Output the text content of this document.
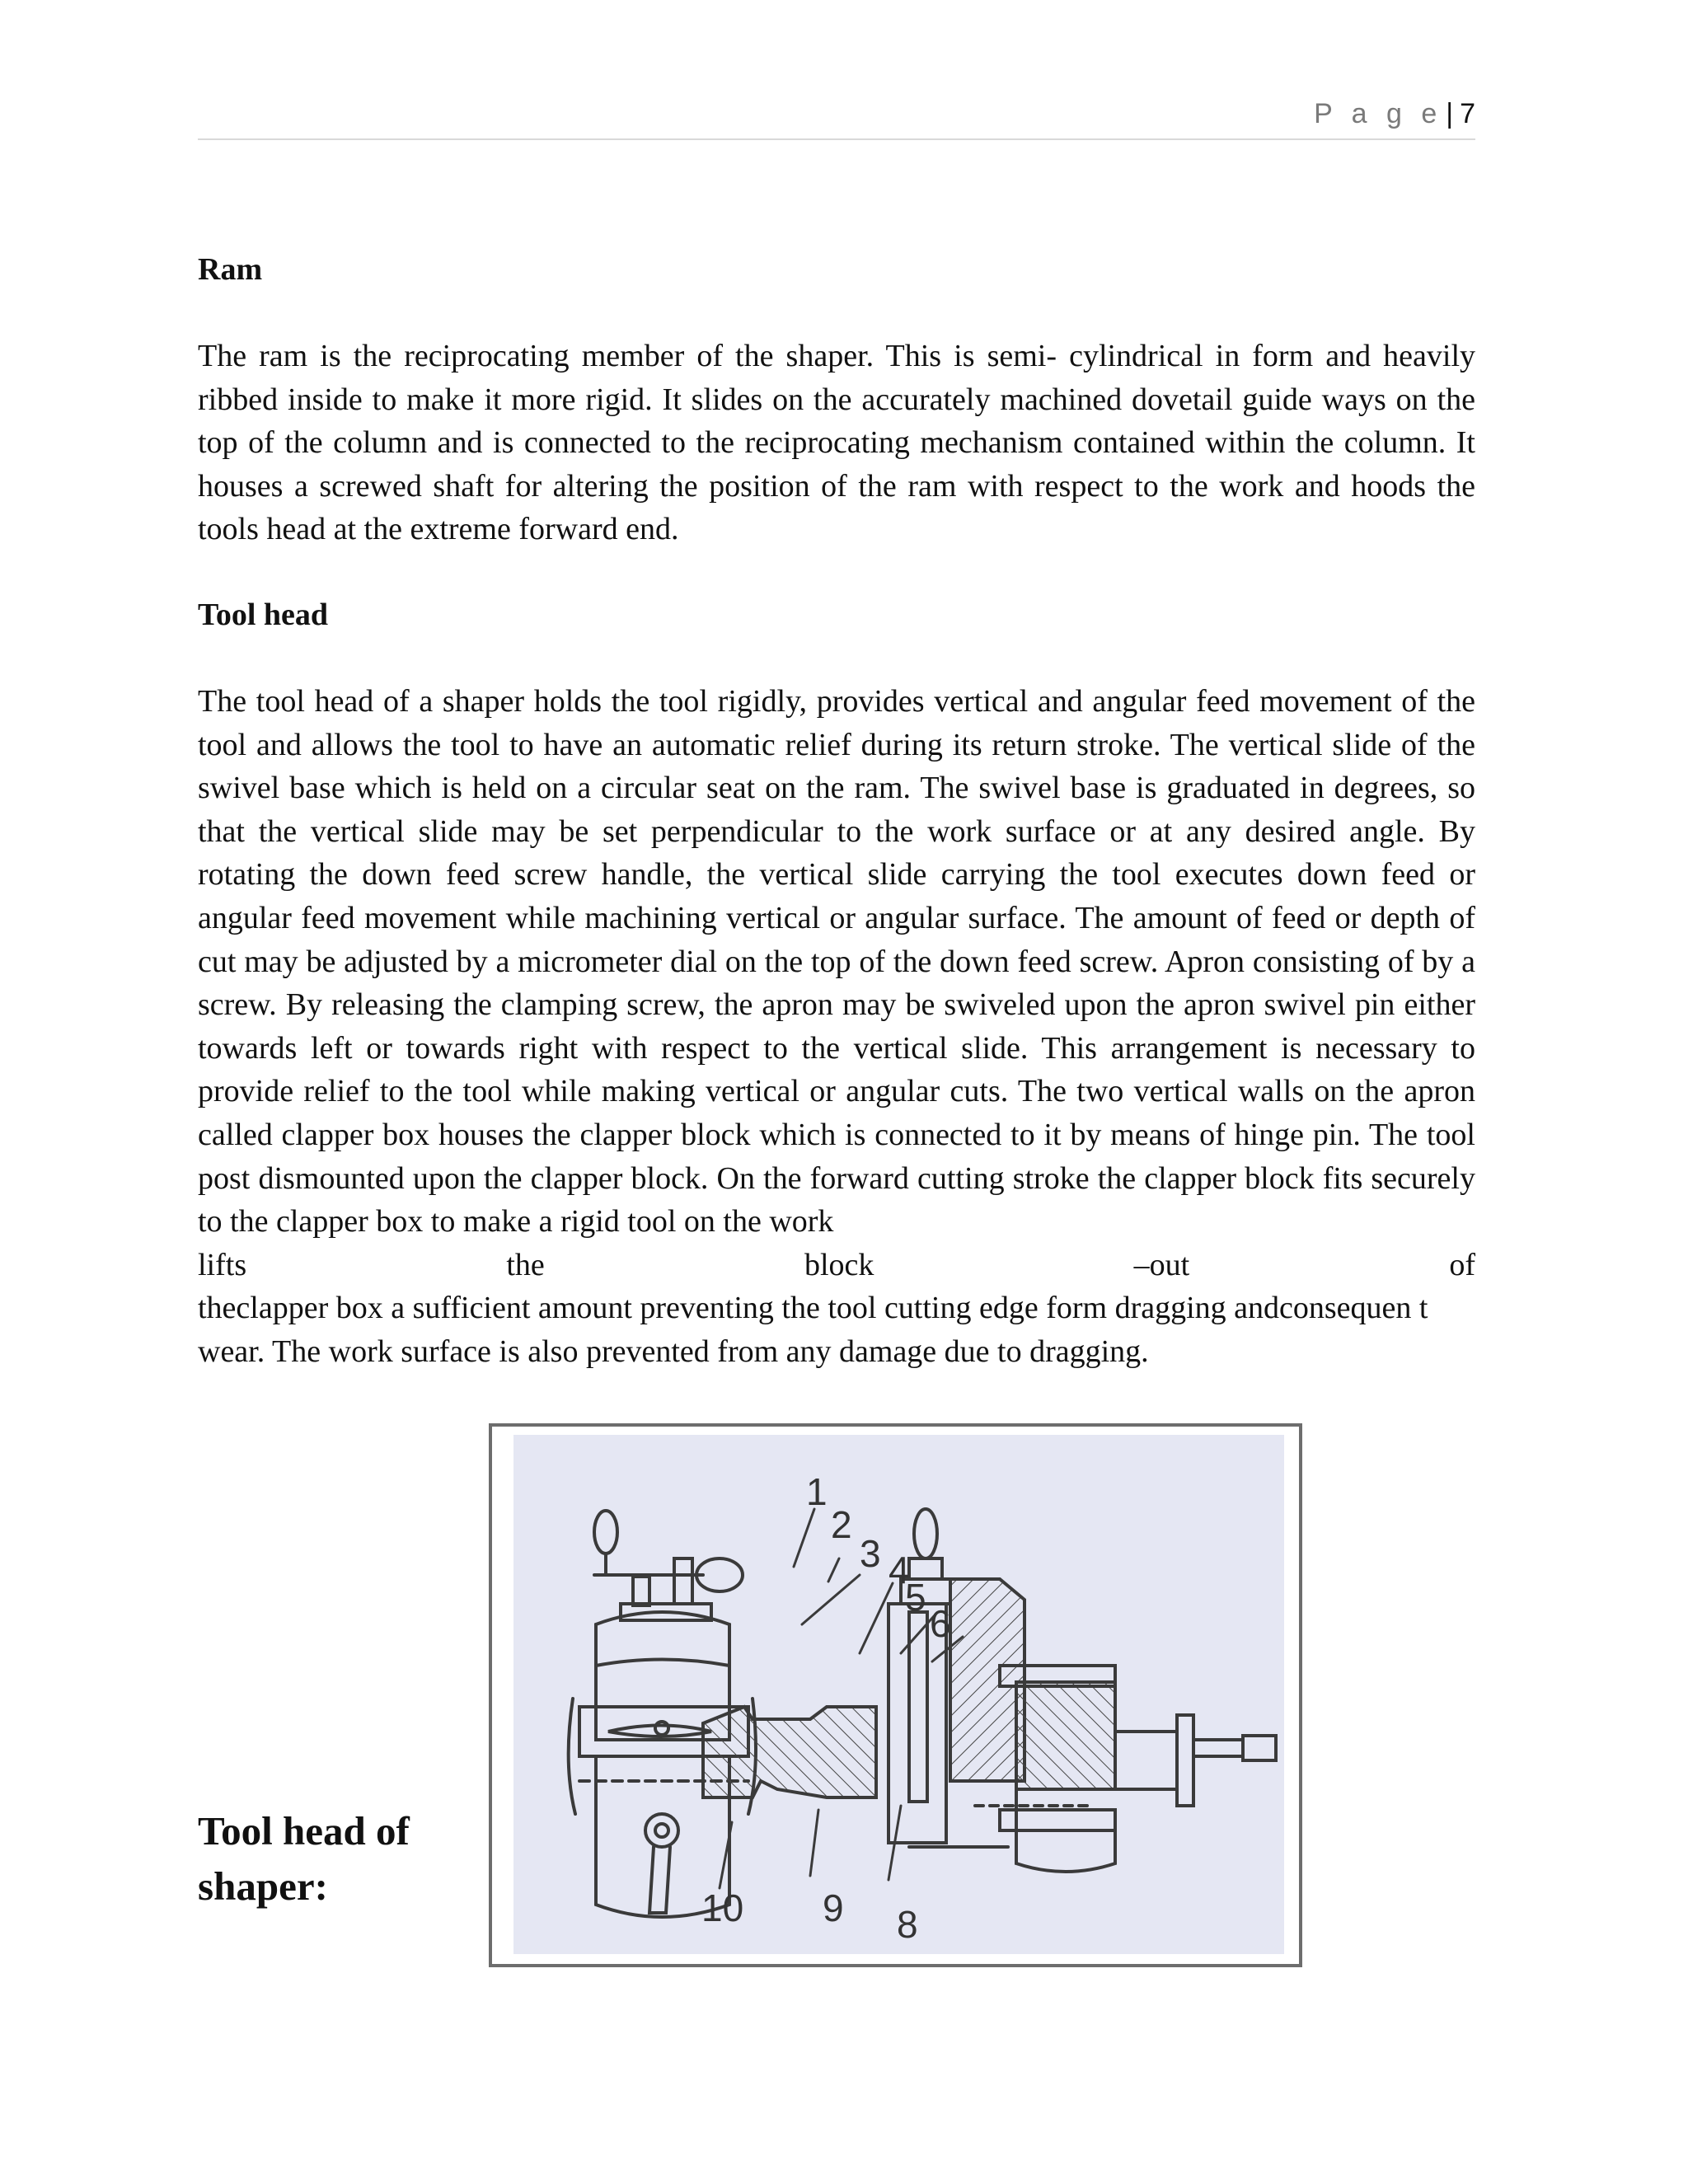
P a g e | 7
Ram

The ram is the reciprocating member of the shaper. This is semi- cylindrical in form and heavily ribbed inside to make it more rigid. It slides on the accurately machined dovetail guide ways on the top of the column and is connected to the reciprocating mechanism contained within the column. It houses a screwed shaft for altering the position of the ram with respect to the work and hoods the tools head at the extreme forward end.

Tool head

The tool head of a shaper holds the tool rigidly, provides vertical and angular feed movement of the tool and allows the tool to have an automatic relief during its return stroke. The vertical slide of the swivel base which is held on a circular seat on the ram. The swivel base is graduated in degrees, so that the vertical slide may be set perpendicular to the work surface or at any desired angle. By rotating the down feed screw handle, the vertical slide carrying the tool executes down feed or angular feed movement while machining vertical or angular surface. The amount of feed or depth of cut may be adjusted by a micrometer dial on the top of the down feed screw. Apron consisting of by a screw. By releasing the clamping screw, the apron may be swiveled upon the apron swivel pin either towards left or towards right with respect to the vertical slide. This arrangement is necessary to provide relief to the tool while making vertical or angular cuts. The two vertical walls on the apron called clapper box houses the clapper block which is connected to it by means of hinge pin. The tool post dismounted upon the clapper block. On the forward cutting stroke the clapper block fits securely to the clapper box to make a rigid tool on the work

lifts	the	block	–out	of

theclapper box a sufficient amount preventing the tool cutting edge form dragging andconsequen t wear. The work surface is also prevented from any damage due to dragging.

Tool head of shaper:

1
2
3 4
5
6
8
9
10
